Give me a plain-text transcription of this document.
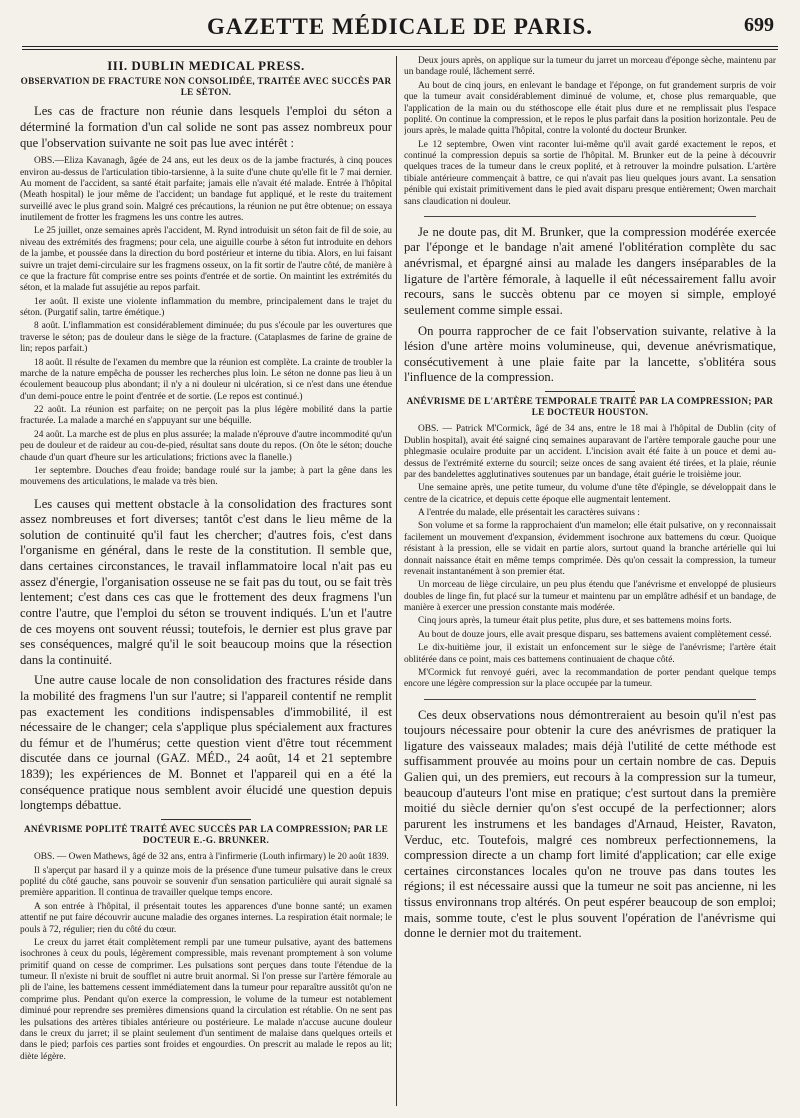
GAZETTE MÉDICALE DE PARIS.	699
III. DUBLIN MEDICAL PRESS.
OBSERVATION DE FRACTURE NON CONSOLIDÉE, TRAITÉE AVEC SUCCÈS PAR LE SÉTON.

Les cas de fracture non réunie dans lesquels l'emploi du séton a déterminé la formation d'un cal solide ne sont pas assez nombreux pour que l'observation suivante ne soit pas lue avec intérêt :

OBS.—Eliza Kavanagh, âgée de 24 ans, eut les deux os de la jambe fracturés, à cinq pouces environ au-dessus de l'articulation tibio-tarsienne, à la suite d'une chute qu'elle fit le 7 mai dernier. Au moment de l'accident, sa santé était parfaite; jamais elle n'avait été malade. Entrée à l'hôpital (Meath hospital) le jour même de l'accident; un bandage fut appliqué, et le reste du traitement surveillé avec le plus grand soin. Malgré ces précautions, la réunion ne put être obtenue; on essaya inutilement de frotter les fragmens les uns contre les autres.

Le 25 juillet, onze semaines après l'accident, M. Rynd introduisit un séton fait de fil de soie, au niveau des extrémités des fragmens; pour cela, une aiguille courbe à séton fut introduite en dehors de la jambe, et poussée dans la direction du bord postérieur et interne du tibia. Alors, en lui faisant suivre un trajet demi-circulaire sur les fragmens osseux, on la fit sortir de l'autre côté, de manière à ce que la fracture fût comprise entre ses points d'entrée et de sortie. On maintint les extrémités du séton, et la malade fut assujétie au repos parfait.

1er août. Il existe une violente inflammation du membre, principalement dans le trajet du séton. (Purgatif salin, tartre émétique.)

8 août. L'inflammation est considérablement diminuée; du pus s'écoule par les ouvertures que traverse le séton; pas de douleur dans le siège de la fracture. (Cataplasmes de farine de graine de lin; repos parfait.)

18 août. Il résulte de l'examen du membre que la réunion est complète. La crainte de troubler la marche de la nature empêcha de pousser les recherches plus loin. Le séton ne donne pas lieu à un écoulement beaucoup plus abondant; il n'y a ni douleur ni ulcération, si ce n'est dans une étendue d'un demi-pouce entre le point d'entrée et de sortie. (Le repos est continué.)

22 août. La réunion est parfaite; on ne perçoit pas la plus légère mobilité dans la partie fracturée. La malade a marché en s'appuyant sur une béquille.

24 août. La marche est de plus en plus assurée; la malade n'éprouve d'autre incommodité qu'un peu de douleur et de raideur au cou-de-pied, résultat sans doute du repos. (On ôte le séton; douche chaude d'un quart d'heure sur les articulations; frictions avec la flanelle.)

1er septembre. Douches d'eau froide; bandage roulé sur la jambe; à part la gêne dans les mouvemens des articulations, le malade va très bien.

Les causes qui mettent obstacle à la consolidation des fractures sont assez nombreuses et fort diverses; tantôt c'est dans le lieu même de la solution de continuité qu'il faut les chercher; d'autres fois, c'est dans l'organisme en général, dans le reste de la constitution. Il semble que, dans certaines circonstances, le travail inflammatoire local n'ait pas eu assez d'énergie, l'organisation osseuse ne se fait pas du tout, ou se fait très lentement; c'est dans ces cas que le frottement des deux fragmens l'un contre l'autre, que l'emploi du séton se trouvent indiqués. L'un et l'autre de ces moyens ont souvent réussi; toutefois, le dernier est plus grave par ses conséquences, malgré qu'il le soit beaucoup moins que la résection dans la continuité.

Une autre cause locale de non consolidation des fractures réside dans la mobilité des fragmens l'un sur l'autre; si l'appareil contentif ne remplit pas exactement les conditions indispensables d'immobilité, il est nécessaire de le changer; cela s'applique plus spécialement aux fractures du fémur et de l'humérus; cette question vient d'être tout récemment discutée dans ce journal (GAZ. MÉD., 24 août, 14 et 21 septembre 1839); les expériences de M. Bonnet et l'appareil qui en a été la conséquence pratique nous semblent avoir élucidé une question depuis longtemps débattue.

ANÉVRISME POPLITÉ TRAITÉ AVEC SUCCÈS PAR LA COMPRESSION; PAR LE DOCTEUR E.-G. BRUNKER.

OBS. — Owen Mathews, âgé de 32 ans, entra à l'infirmerie (Louth infirmary) le 20 août 1839.

Il s'aperçut par hasard il y a quinze mois de la présence d'une tumeur pulsative dans le creux poplité du côté gauche, sans pouvoir se souvenir d'un sensation particulière qui aurait signalé sa première apparition. Il continua de travailler quelque temps encore.

A son entrée à l'hôpital, il présentait toutes les apparences d'une bonne santé; un examen attentif ne put faire découvrir aucune maladie des organes internes. La respiration était normale; le pouls à 72, régulier; rien du côté du cœur.

Le creux du jarret était complètement rempli par une tumeur pulsative, ayant des battemens isochrones à ceux du pouls, légèrement compressible, mais revenant promptement à son volume primitif quand on cesse de comprimer. Les pulsations sont perçues dans toute l'étendue de la tumeur. Il n'existe ni bruit de soufflet ni autre bruit anormal. Si l'on presse sur l'artère fémorale au pli de l'aine, les battemens cessent immédiatement dans la tumeur pour reparaître aussitôt qu'on ne comprime plus. Pendant qu'on exerce la compression, le volume de la tumeur est notablement diminué pour reprendre ses premières dimensions quand la circulation est rétablie. On ne sent pas les pulsations des artères tibiales antérieure ou postérieure. Le malade n'accuse aucune douleur dans le creux du jarret; il se plaint seulement d'un sentiment de malaise dans quelques orteils et dans le pied; parfois ces parties sont froides et engourdies. On prescrit au malade le repos au lit; diète légère.

Deux jours après, on applique sur la tumeur du jarret un morceau d'éponge sèche, maintenu par un bandage roulé, lâchement serré.

Au bout de cinq jours, en enlevant le bandage et l'éponge, on fut grandement surpris de voir que la tumeur avait considérablement diminué de volume, et, chose plus remarquable, que l'application de la main ou du stéthoscope elle était plus dure et ne remplissait plus l'espace poplité. On continue la compression, et le repos le plus parfait dans la position horizontale. Peu de jours après, le malade quitta l'hôpital, contre la volonté du docteur Brunker.

Le 12 septembre, Owen vint raconter lui-même qu'il avait gardé exactement le repos, et continué la compression depuis sa sortie de l'hôpital. M. Brunker eut de la peine à découvrir quelques traces de la tumeur dans le creux poplité, et à retrouver la moindre pulsation. L'artère tibiale antérieure commençait à battre, ce qui n'avait pas lieu quelques jours avant. La sensation pénible qui existait primitivement dans le pied avait disparu presque entièrement; Owen marchait sans claudication ni douleur.

Je ne doute pas, dit M. Brunker, que la compression modérée exercée par l'éponge et le bandage n'ait amené l'oblitération complète du sac anévrismal, et épargné ainsi au malade les dangers inséparables de la ligature de l'artère fémorale, à laquelle il eût nécessairement fallu avoir recours, sans le succès obtenu par ce moyen si simple, employé seulement comme simple essai.

On pourra rapprocher de ce fait l'observation suivante, relative à la lésion d'une artère moins volumineuse, qui, devenue anévrismatique, consécutivement à une plaie faite par la lancette, s'oblitéra sous l'influence de la compression.

ANÉVRISME DE L'ARTÈRE TEMPORALE TRAITÉ PAR LA COMPRESSION; PAR LE DOCTEUR HOUSTON.

OBS. — Patrick M'Cormick, âgé de 34 ans, entre le 18 mai à l'hôpital de Dublin (city of Dublin hospital), avait été saigné cinq semaines auparavant de l'artère temporale gauche pour une phlegmasie oculaire produite par un accident. L'incision avait été faite à un pouce et demi au-dessus de l'extrémité externe du sourcil; seize onces de sang avaient été tirées, et la plaie, réunie par des bandelettes agglutinatives soutenues par un bandage, était guérie le troisième jour.

Une semaine après, une petite tumeur, du volume d'une tête d'épingle, se développait dans le centre de la cicatrice, et depuis cette époque elle augmentait lentement.

A l'entrée du malade, elle présentait les caractères suivans :

Son volume et sa forme la rapprochaient d'un mamelon; elle était pulsative, on y reconnaissait facilement un mouvement d'expansion, évidemment isochrone aux battemens du cœur. Quoique résistant à la pression, elle se vidait en partie alors, surtout quand la branche artérielle qui lui donnait naissance était en même temps comprimée. Dès qu'on cessait la compression, la tumeur revenait instantanément à son premier état.

Un morceau de liège circulaire, un peu plus étendu que l'anévrisme et enveloppé de plusieurs doubles de linge fin, fut placé sur la tumeur et maintenu par un emplâtre adhésif et un bandage, de manière à exercer une pression constante mais modérée.

Cinq jours après, la tumeur était plus petite, plus dure, et ses battemens moins forts.

Au bout de douze jours, elle avait presque disparu, ses battemens avaient complètement cessé.

Le dix-huitième jour, il existait un enfoncement sur le siège de l'anévrisme; l'artère était oblitérée dans ce point, mais ces battemens continuaient de chaque côté.

M'Cormick fut renvoyé guéri, avec la recommandation de porter pendant quelque temps encore une légère compression sur la place occupée par la tumeur.

Ces deux observations nous démontreraient au besoin qu'il n'est pas toujours nécessaire pour obtenir la cure des anévrismes de pratiquer la ligature des vaisseaux malades; mais déjà l'utilité de cette méthode est suffisamment prouvée au moins pour un certain nombre de cas. Depuis Galien qui, un des premiers, eut recours à la compression sur la tumeur, beaucoup d'auteurs l'ont mise en pratique; c'est surtout dans la première moitié du siècle dernier qu'on s'est occupé de la perfectionner; alors parurent les instrumens et les bandages d'Arnaud, Heister, Ravaton, Verduc, etc. Toutefois, malgré ces nombreux perfectionnemens, la compression directe a un champ fort limité d'application; car elle exige certaines circonstances locales qu'on ne trouve pas dans toutes les régions; il est nécessaire aussi que la tumeur ne soit pas ancienne, ni les tissus environnans trop altérés. On peut espérer beaucoup de son emploi; mais, somme toute, c'est le plus souvent l'opération de l'anévrisme qui donne le dernier mot du traitement.
